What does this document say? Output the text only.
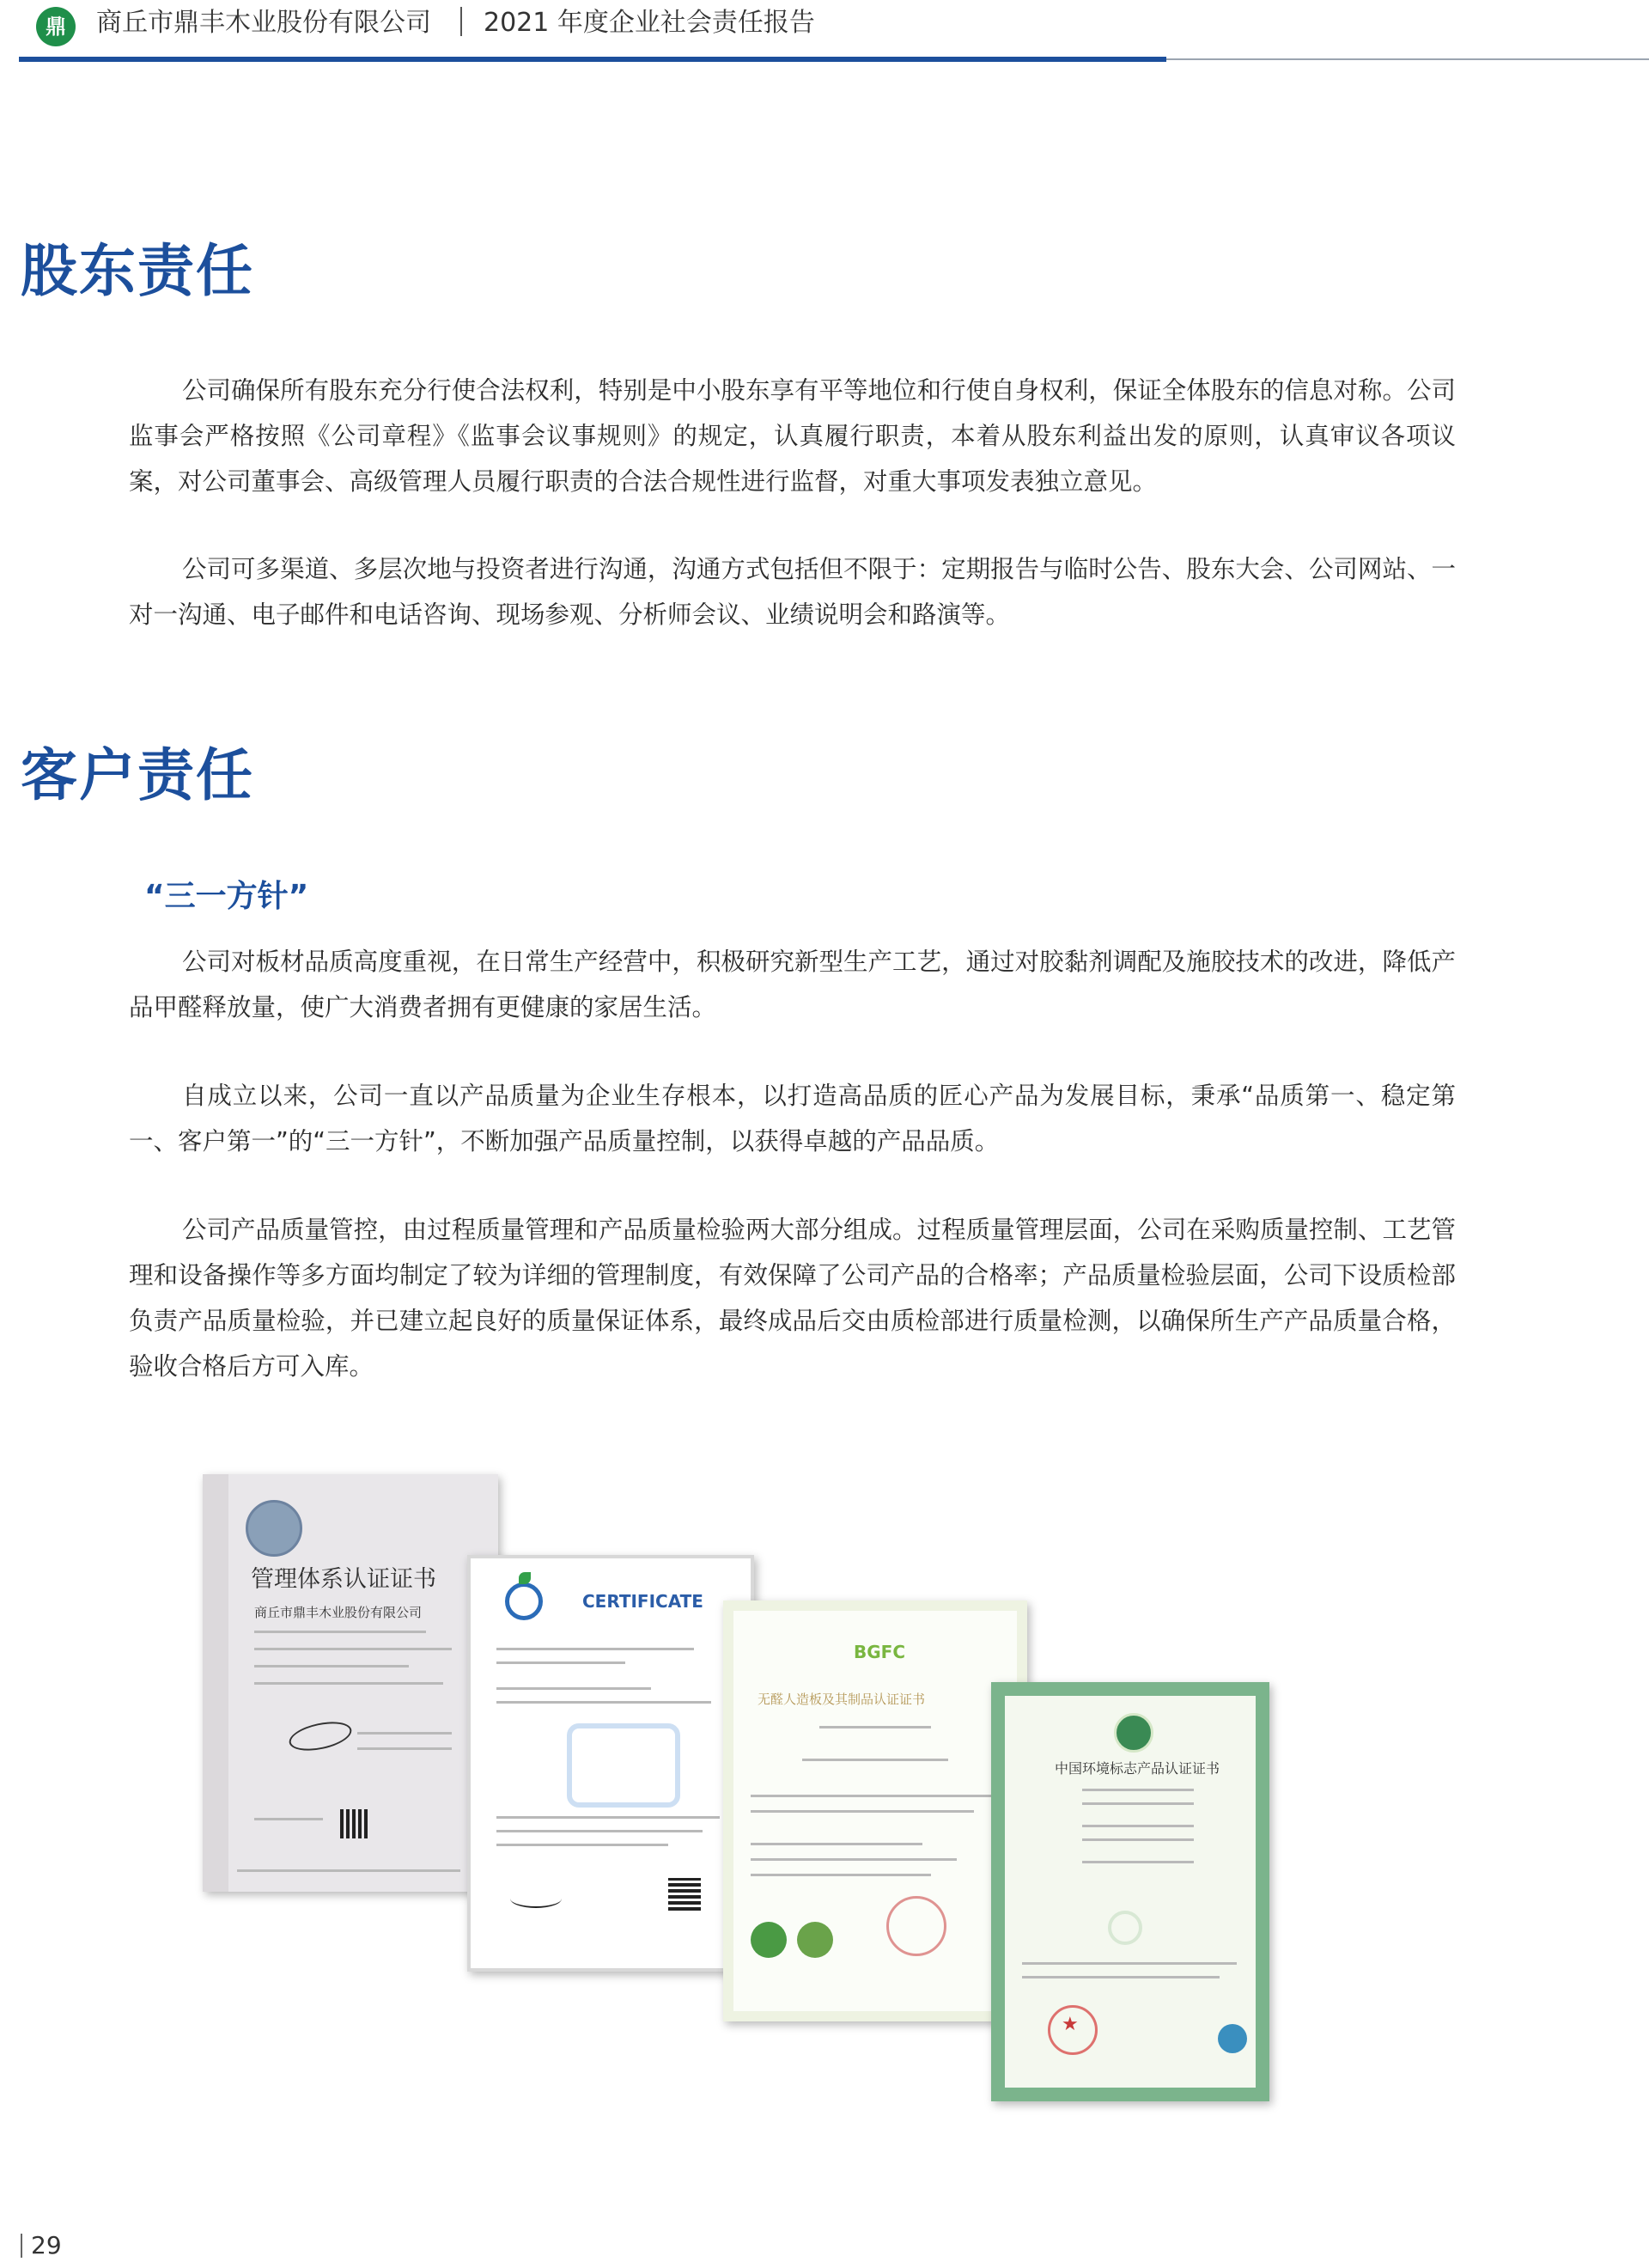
鼎	商丘市鼎丰木业股份有限公司 2021 年度企业社会责任报告
股东责任

公司确保所有股东充分行使合法权利，特别是中小股东享有平等地位和行使自身权利，保证全体股东的信息对称。公司监事会严格按照《公司章程》《监事会议事规则》的规定，认真履行职责，本着从股东利益出发的原则，认真审议各项议案，对公司董事会、高级管理人员履行职责的合法合规性进行监督，对重大事项发表独立意见。

公司可多渠道、多层次地与投资者进行沟通，沟通方式包括但不限于：定期报告与临时公告、股东大会、公司网站、一对一沟通、电子邮件和电话咨询、现场参观、分析师会议、业绩说明会和路演等。

客户责任
“三一方针”

公司对板材品质高度重视，在日常生产经营中，积极研究新型生产工艺，通过对胶黏剂调配及施胶技术的改进，降低产品甲醛释放量，使广大消费者拥有更健康的家居生活。

自成立以来，公司一直以产品质量为企业生存根本，以打造高品质的匠心产品为发展目标，秉承“品质第一、稳定第一、客户第一”的“三一方针”，不断加强产品质量控制，以获得卓越的产品品质。

公司产品质量管控，由过程质量管理和产品质量检验两大部分组成。过程质量管理层面，公司在采购质量控制、工艺管理和设备操作等多方面均制定了较为详细的管理制度，有效保障了公司产品的合格率；产品质量检验层面，公司下设质检部负责产品质量检验，并已建立起良好的质量保证体系，最终成品后交由质检部进行质量检测，以确保所生产产品质量合格，验收合格后方可入库。

管理体系认证证书
商丘市鼎丰木业股份有限公司
CERTIFICATE
BGFC
无醛人造板及其制品认证证书
中国环境标志产品认证证书
★
29
